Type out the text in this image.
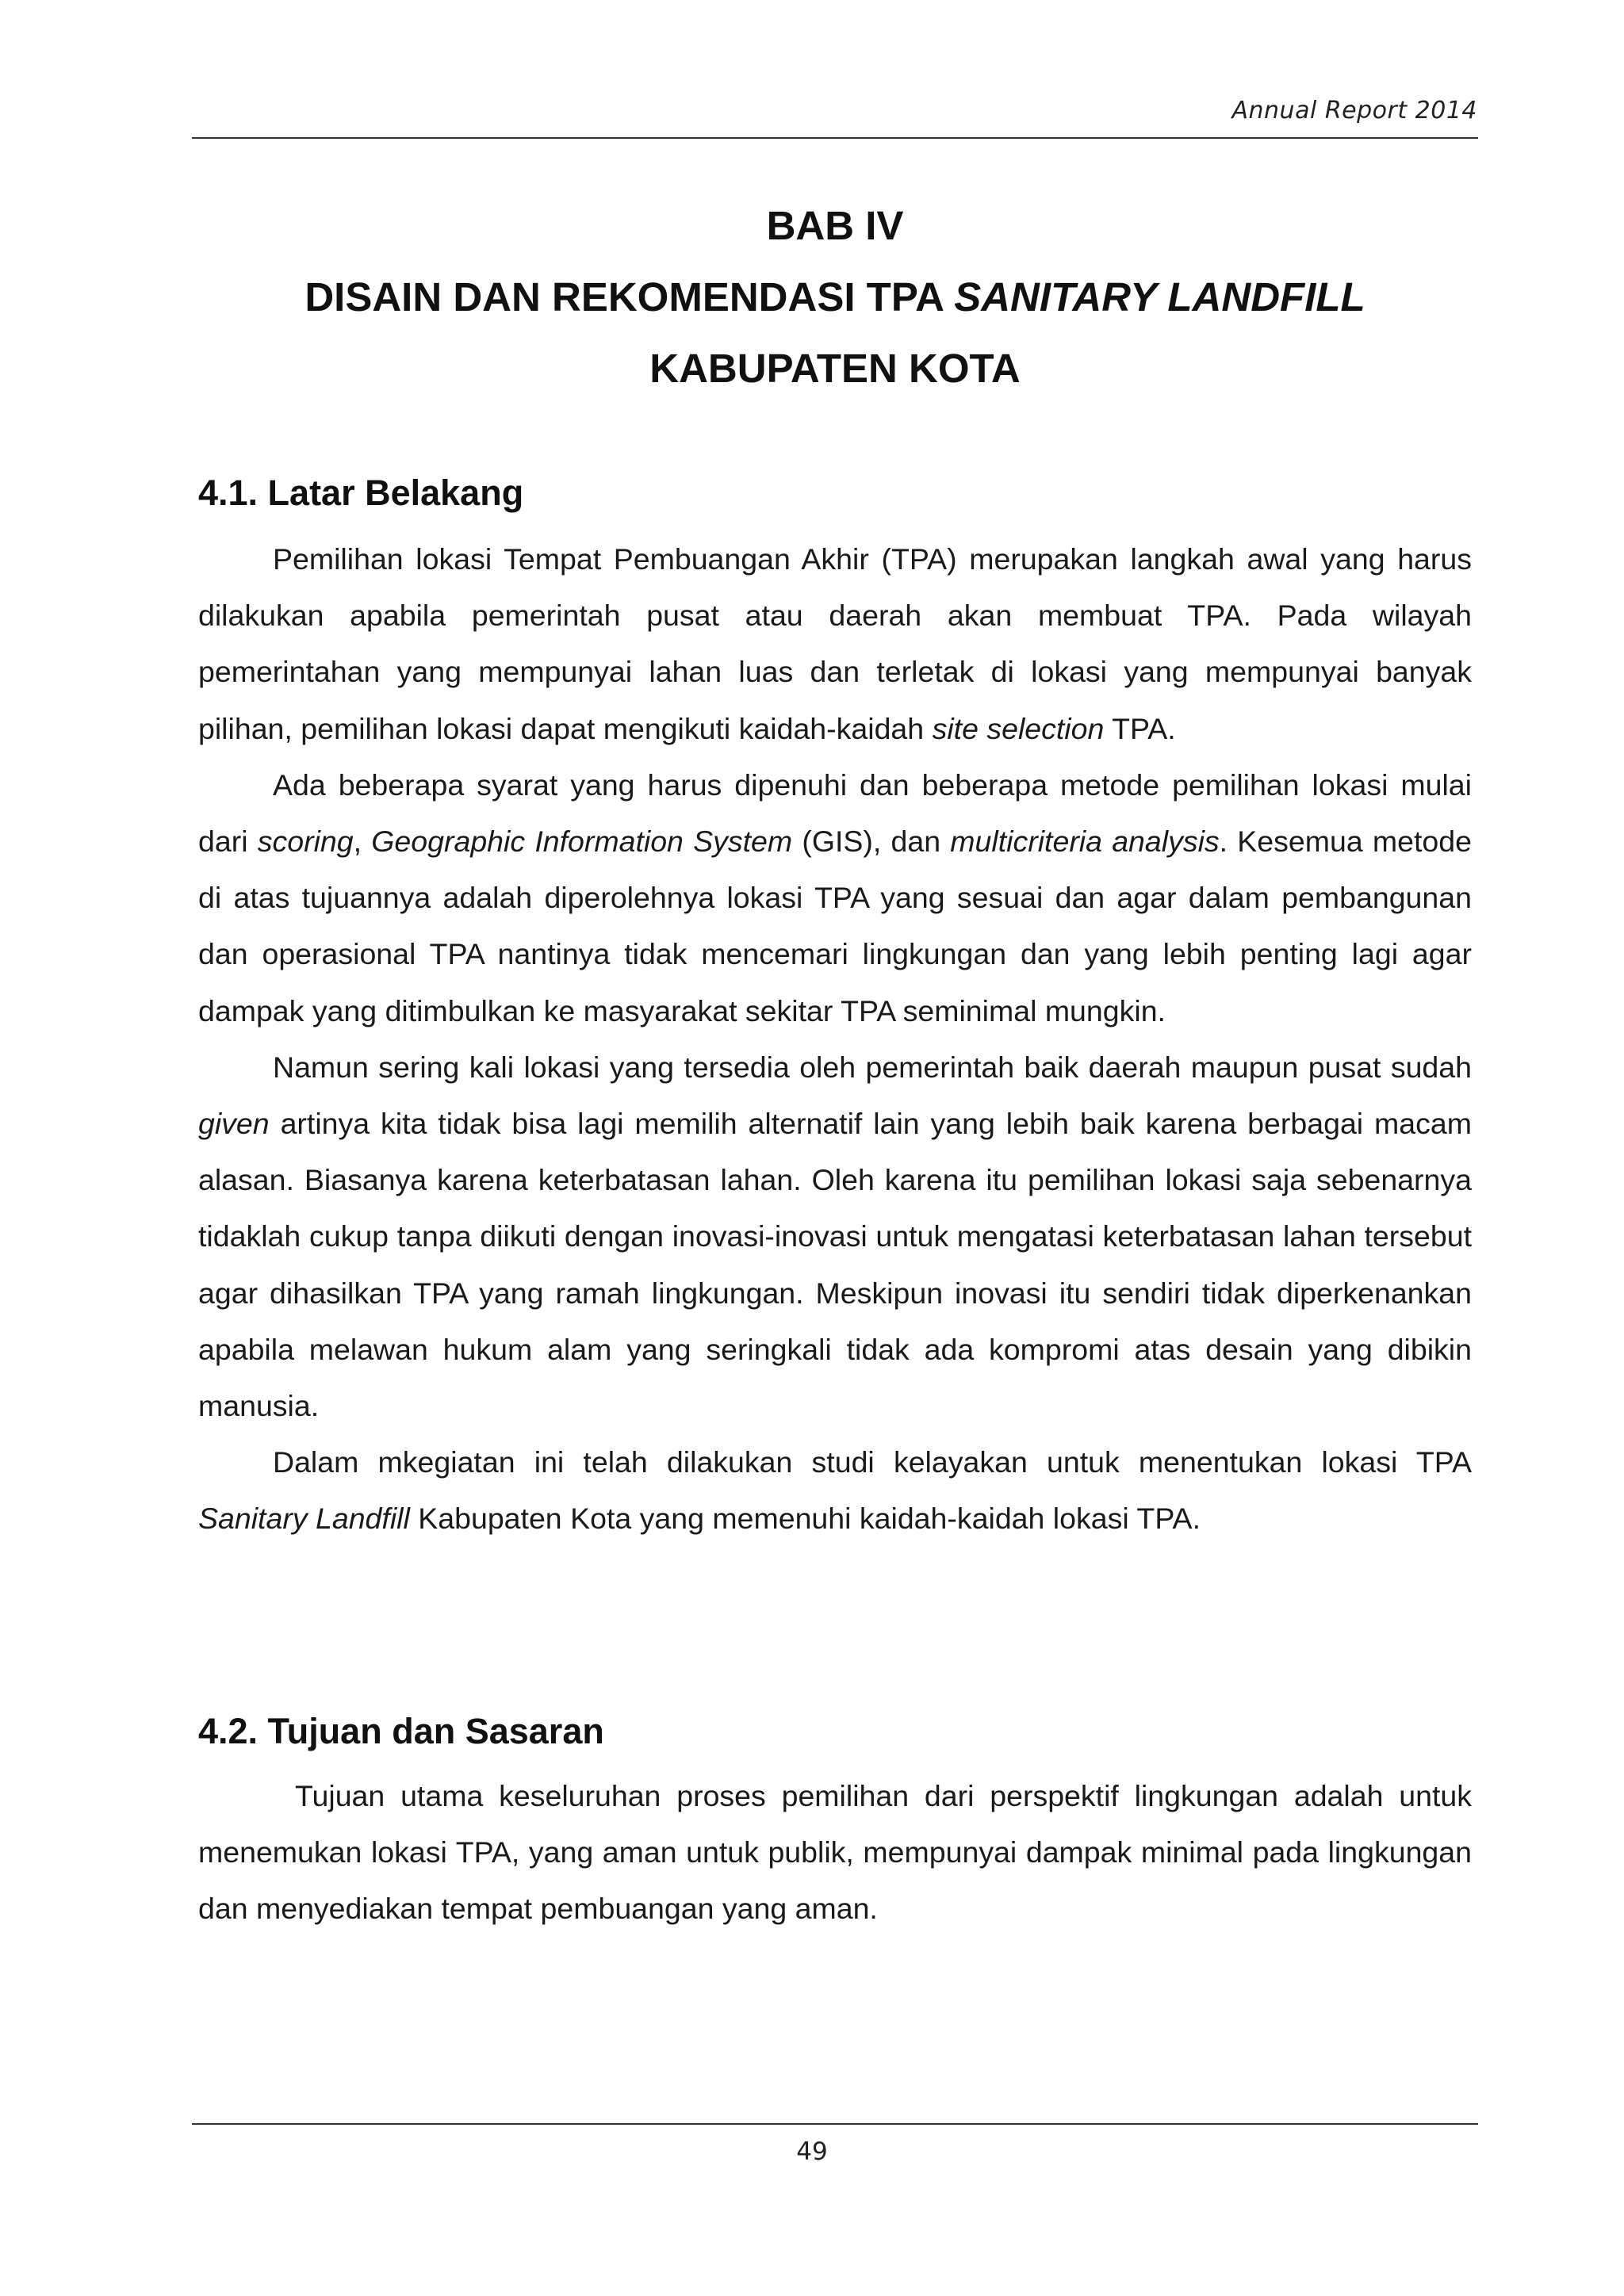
Annual Report 2014
BAB IV
DISAIN DAN REKOMENDASI TPA SANITARY LANDFILL
KABUPATEN KOTA
4.1. Latar Belakang

Pemilihan lokasi Tempat Pembuangan Akhir (TPA) merupakan langkah awal yang harus dilakukan apabila pemerintah pusat atau daerah akan membuat TPA. Pada wilayah pemerintahan yang mempunyai lahan luas dan terletak di lokasi yang mempunyai banyak pilihan, pemilihan lokasi dapat mengikuti kaidah-kaidah site selection TPA.

Ada beberapa syarat yang harus dipenuhi dan beberapa metode pemilihan lokasi mulai dari scoring, Geographic Information System (GIS), dan multicriteria analysis. Kesemua metode di atas tujuannya adalah diperolehnya lokasi TPA yang sesuai dan agar dalam pembangunan dan operasional TPA nantinya tidak mencemari lingkungan dan yang lebih penting lagi agar dampak yang ditimbulkan ke masyarakat sekitar TPA seminimal mungkin.

Namun sering kali lokasi yang tersedia oleh pemerintah baik daerah maupun pusat sudah given artinya kita tidak bisa lagi memilih alternatif lain yang lebih baik karena berbagai macam alasan. Biasanya karena keterbatasan lahan. Oleh karena itu pemilihan lokasi saja sebenarnya tidaklah cukup tanpa diikuti dengan inovasi-inovasi untuk mengatasi keterbatasan lahan tersebut agar dihasilkan TPA yang ramah lingkungan. Meskipun inovasi itu sendiri tidak diperkenankan apabila melawan hukum alam yang seringkali tidak ada kompromi atas desain yang dibikin manusia.

Dalam mkegiatan ini telah dilakukan studi kelayakan untuk menentukan lokasi TPA Sanitary Landfill Kabupaten Kota yang memenuhi kaidah-kaidah lokasi TPA.

4.2. Tujuan dan Sasaran

Tujuan utama keseluruhan proses pemilihan dari perspektif lingkungan adalah untuk menemukan lokasi TPA, yang aman untuk publik, mempunyai dampak minimal pada lingkungan dan menyediakan tempat pembuangan yang aman.

49
